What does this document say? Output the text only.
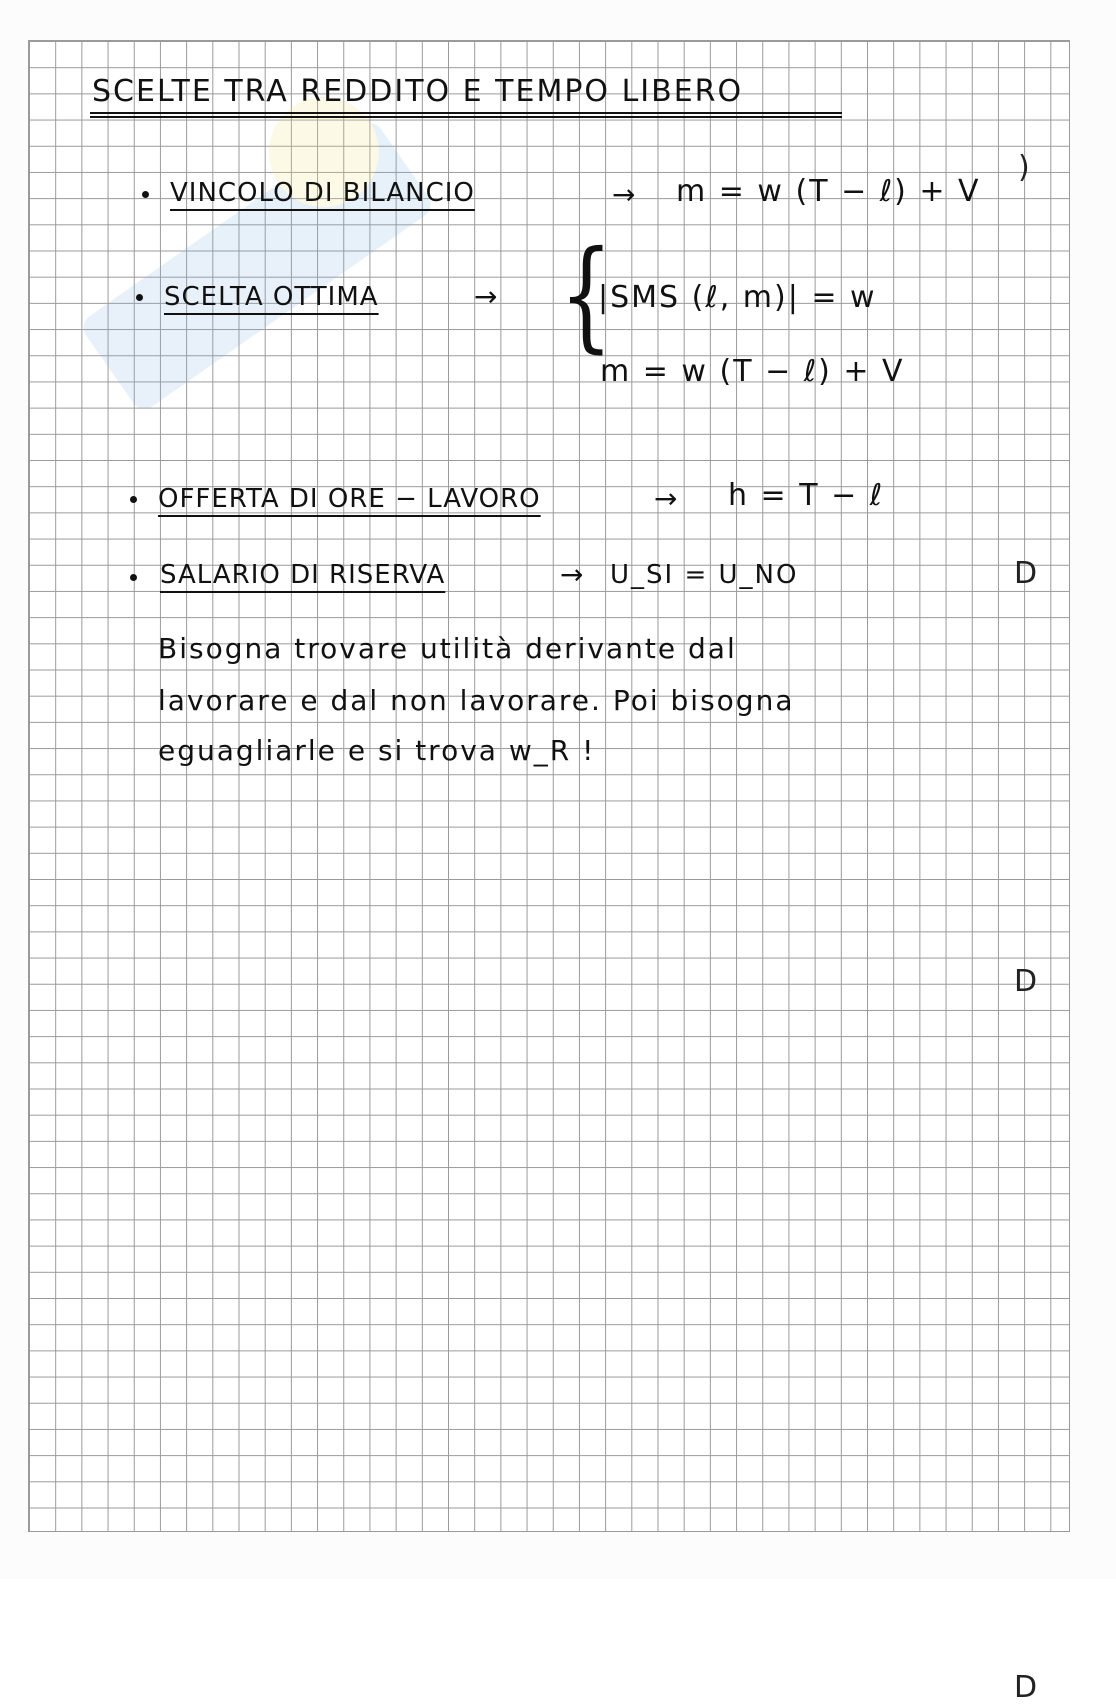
)
D
D
D
SCELTE TRA REDDITO E TEMPO LIBERO
VINCOLO DI BILANCIO	→ m = w (T − ℓ) + V
SCELTA OTTIMA	→ {
|SMS (ℓ, m)| = w
m = w (T − ℓ) + V
OFFERTA DI ORE − LAVORO	→ h = T − ℓ
SALARIO DI RISERVA	→ U_SI = U_NO
Bisogna trovare utilità derivante dal
lavorare e dal non lavorare. Poi bisogna
eguagliarle e si trova w_R !
